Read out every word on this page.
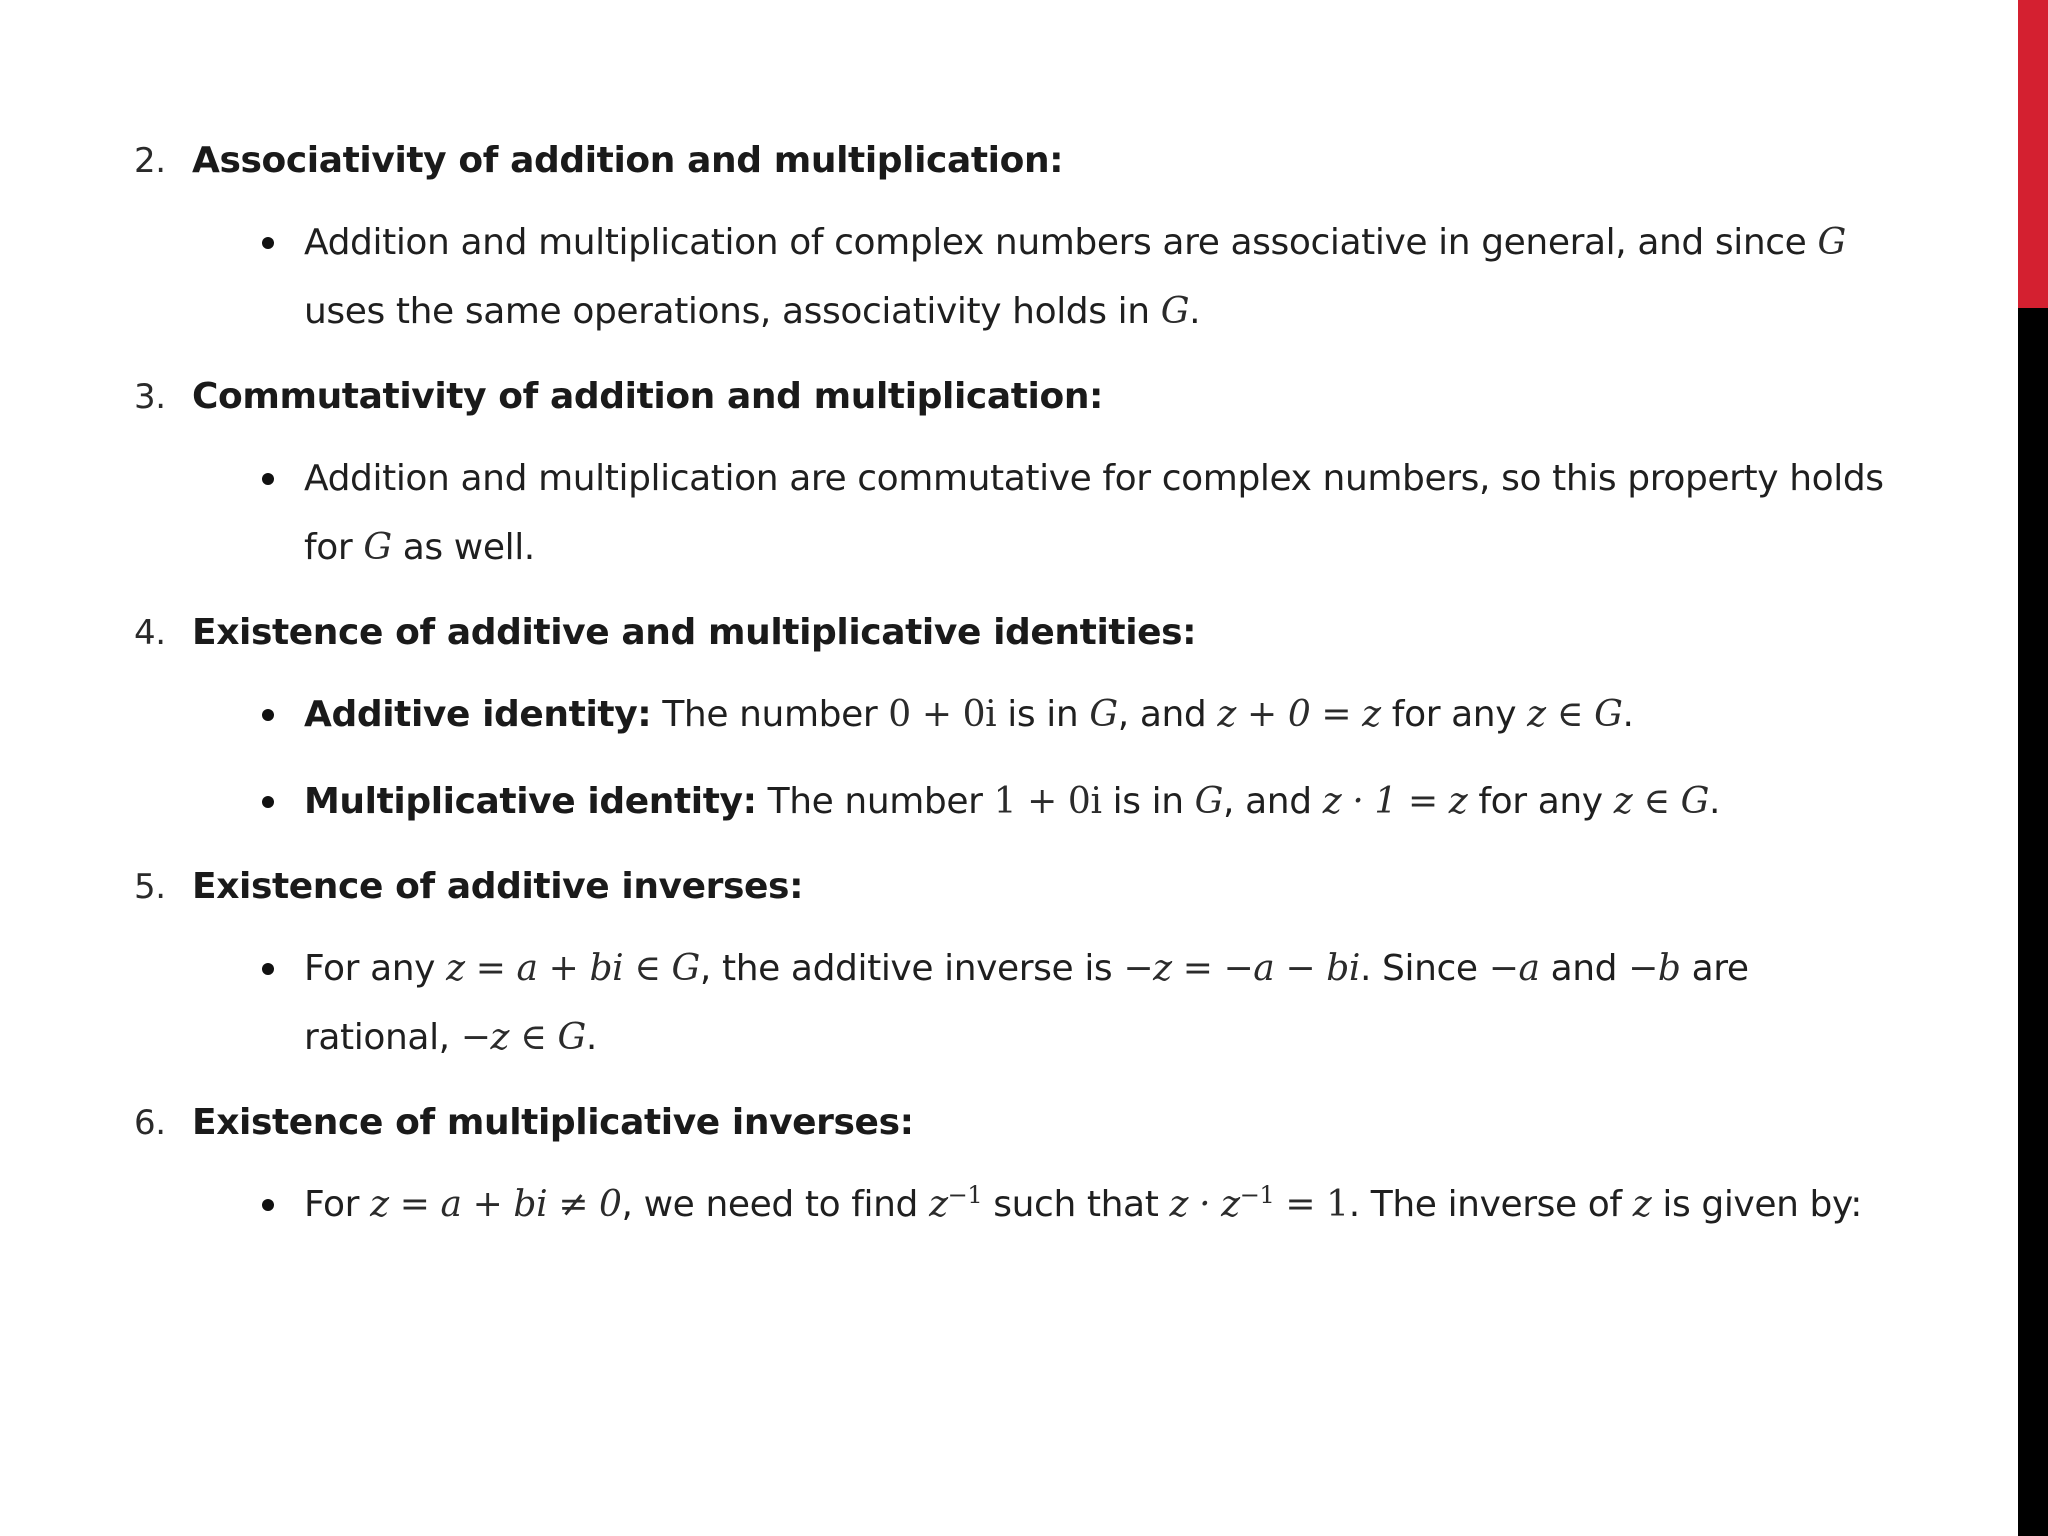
2. Associativity of addition and multiplication:
Addition and multiplication of complex numbers are associative in general, and since G uses the same operations, associativity holds in G.
3. Commutativity of addition and multiplication:
Addition and multiplication are commutative for complex numbers, so this property holds for G as well.
4. Existence of additive and multiplicative identities:
Additive identity: The number 0 + 0i is in G, and z + 0 = z for any z ∈ G.
Multiplicative identity: The number 1 + 0i is in G, and z · 1 = z for any z ∈ G.
5. Existence of additive inverses:
For any z = a + bi ∈ G, the additive inverse is −z = −a − bi. Since −a and −b are rational, −z ∈ G.
6. Existence of multiplicative inverses:
For z = a + bi ≠ 0, we need to find $z^{-1}$ such that $z \cdot z^{-1} = 1$. The inverse of z is given by:
